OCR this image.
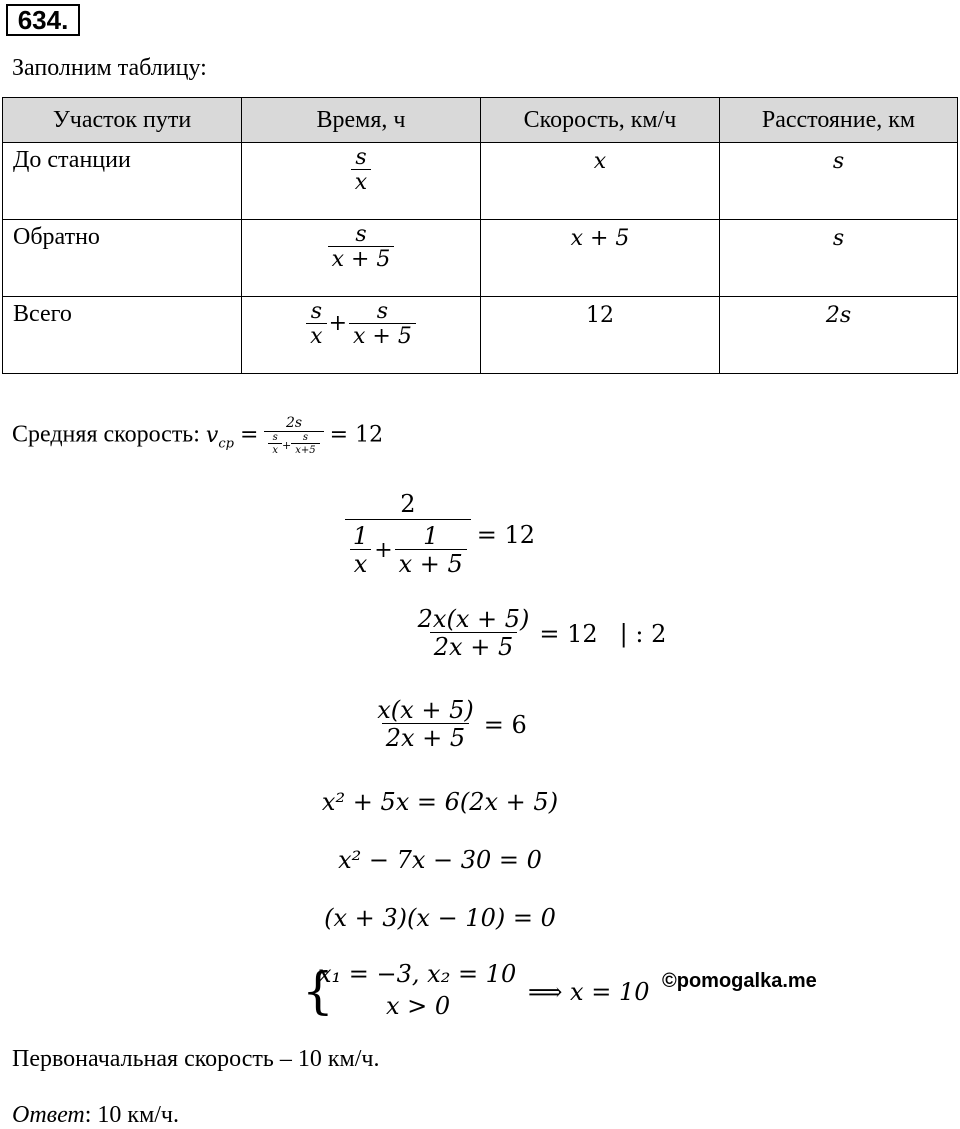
634.
Заполним таблицу:
Участок пути	Время, ч	Скорость, км/ч	Расстояние, км
До станции	$\frac{s}{x}$	x	s
Обратно	$\frac{s}{x + 5}$	x + 5	s
Всего	$\frac{s}{x} + \frac{s}{x + 5}$	12	2s
Средняя скорость: $v_{ср} = \frac{2s}{\frac{s}{x} + \frac{s}{x+5}} = 12$
$\frac{2}{\frac{1}{x} + \frac{1}{x + 5}} = 12$
$\frac{2x(x + 5)}{2x + 5} = 12$ | : 2
$\frac{x(x + 5)}{2x + 5} = 6$
x² + 5x = 6(2x + 5)
x² − 7x − 30 = 0
(x + 3)(x − 10) = 0
{
x₁ = −3, x₂ = 10
x > 0	⟹ x = 10 ©pomogalka.me
Первоначальная скорость – 10 км/ч.
Ответ: 10 км/ч.
